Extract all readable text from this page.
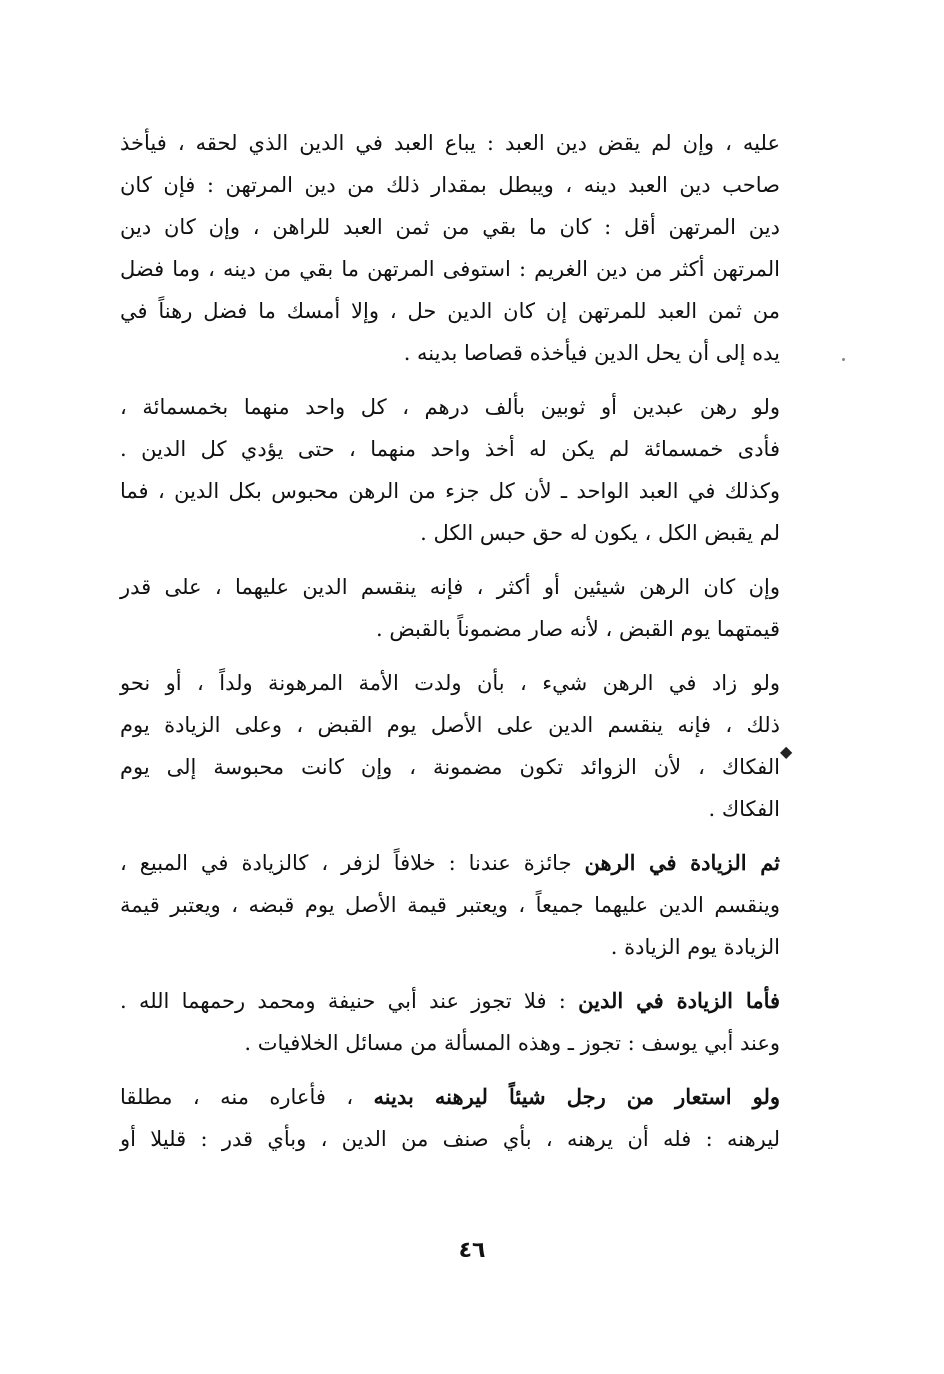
عليه ، وإن لم يقض دين العبد : يباع العبد في الدين الذي لحقه ، فيأخذ
صاحب دين العبد دينه ، ويبطل بمقدار ذلك من دين المرتهن : فإن كان
دين المرتهن أقل : كان ما بقي من ثمن العبد للراهن ، وإن كان دين
المرتهن أكثر من دين الغريم : استوفى المرتهن ما بقي من دينه ، وما فضل
من ثمن العبد للمرتهن إن كان الدين حل ، وإلا أمسك ما فضل رهناً في
يده إلى أن يحل الدين فيأخذه قصاصا بدينه .

ولو رهن عبدين أو ثوبين بألف درهم ، كل واحد منهما بخمسمائة ،
فأدى خمسمائة لم يكن له أخذ واحد منهما ، حتى يؤدي كل الدين .
وكذلك في العبد الواحد ـ لأن كل جزء من الرهن محبوس بكل الدين ، فما
لم يقبض الكل ، يكون له حق حبس الكل .

وإن كان الرهن شيئين أو أكثر ، فإنه ينقسم الدين عليهما ، على قدر
قيمتهما يوم القبض ، لأنه صار مضموناً بالقبض .

ولو زاد في الرهن شيء ، بأن ولدت الأمة المرهونة ولداً ، أو نحو
ذلك ، فإنه ينقسم الدين على الأصل يوم القبض ، وعلى الزيادة يوم
الفكاك ، لأن الزوائد تكون مضمونة ، وإن كانت محبوسة إلى يوم
الفكاك .

ثم الزيادة في الرهن جائزة عندنا : خلافاً لزفر ، كالزيادة في المبيع ،
وينقسم الدين عليهما جميعاً ، ويعتبر قيمة الأصل يوم قبضه ، ويعتبر قيمة
الزيادة يوم الزيادة .

فأما الزيادة في الدين : فلا تجوز عند أبي حنيفة ومحمد رحمهما الله .
وعند أبي يوسف : تجوز ـ وهذه المسألة من مسائل الخلافيات .

ولو استعار من رجل شيئاً ليرهنه بدينه ، فأعاره منه ، مطلقا
ليرهنه : فله أن يرهنه ، بأي صنف من الدين ، وبأي قدر : قليلا أو

◆
٤٦
